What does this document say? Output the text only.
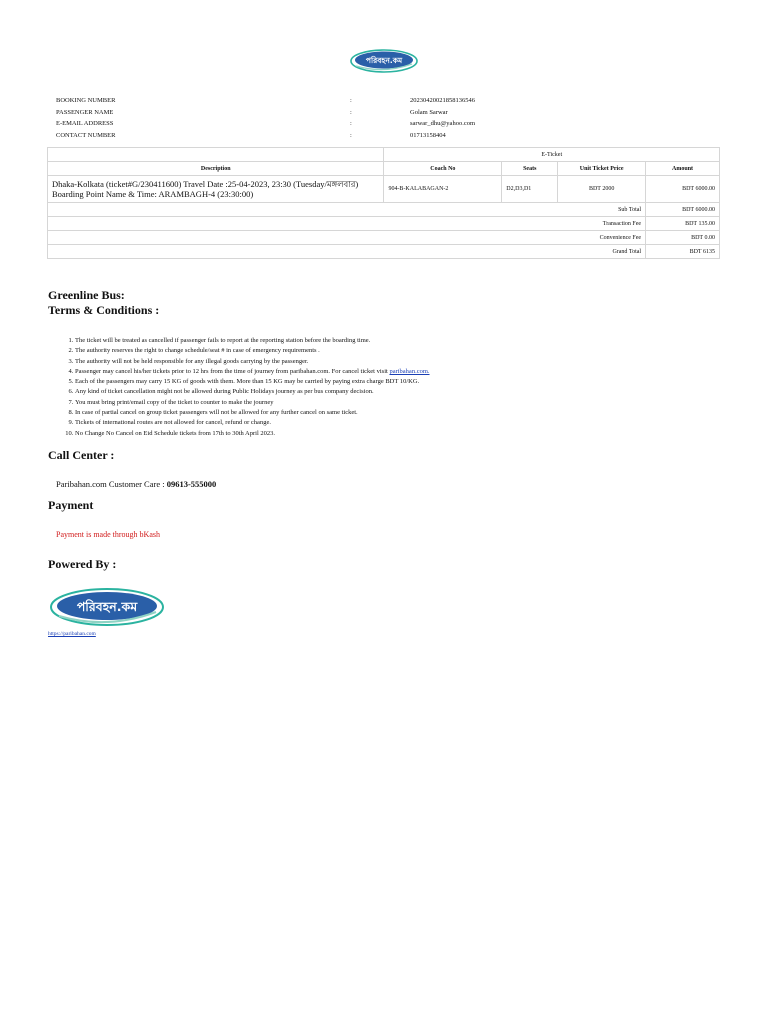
পরিবহন.কম
BOOKING NUMBER	:	20230420021858136546
PASSENGER NAME	:	Golam Sarwar
E-EMAIL ADDRESS	:	sarwar_dhu@yahoo.com
CONTACT NUMBER	:	01713158404
	E-Ticket			
Description	Coach No	Seats	Unit Ticket Price	Amount

Dhaka-Kolkata (ticket#G/230411600) Travel Date :25-04-2023, 23:30 (Tuesday/মঙ্গলবার)
Boarding Point Name & Time: ARAMBAGH-4 (23:30:00)	904-B-KALABAGAN-2	D2,D3,D1	BDT 2000	BDT 6000.00
Sub Total				BDT 6000.00
Transaction Fee				BDT 135.00
Convenience Fee				BDT 0.00
Grand Total				BDT 6135
Greenline Bus:
Terms & Conditions :
1. The ticket will be treated as cancelled if passenger fails to report at the reporting station before the boarding time.
2. The authority reserves the right to change schedule/seat # in case of emergency requirements .
3. The authority will not be held responsible for any illegal goods carrying by the passenger.
4. Passenger may cancel his/her tickets prior to 12 hrs from the time of journey from paribahan.com. For cancel ticket visit paribahan.com.
5. Each of the passengers may carry 15 KG of goods with them. More than 15 KG may be carried by paying extra charge BDT 10/KG.
6. Any kind of ticket cancellation might not be allowed during Public Holidays journey as per bus company decision.
7. You must bring print/email copy of the ticket to counter to make the journey
8. In case of partial cancel on group ticket passengers will not be allowed for any further cancel on same ticket.
9. Tickets of international routes are not allowed for cancel, refund or change.
10. No Change No Cancel on Eid Schedule tickets from 17th to 30th April 2023.
Call Center :
Paribahan.com Customer Care : 09613-555000
Payment
Payment is made through bKash
Powered By :
পরিবহন.কম
https://paribahan.com
